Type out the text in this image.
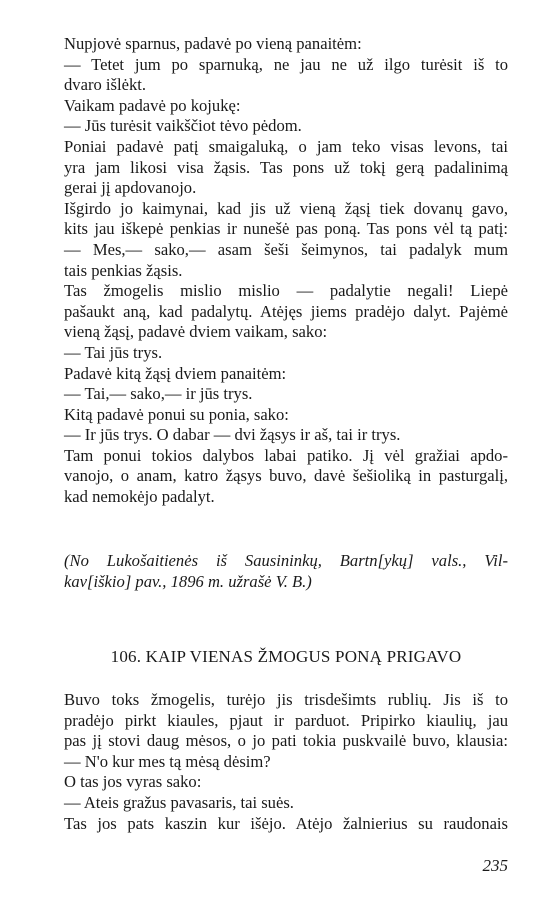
Nupjovė sparnus, padavė po vieną panaitėm:
— Tetet jum po sparnuką, ne jau ne už ilgo turėsit iš to
dvaro išlėkt.
Vaikam padavė po kojukę:
— Jūs turėsit vaikščiot tėvo pėdom.
Poniai padavė patį smaigaluką, o jam teko visas levons, tai
yra jam likosi visa žąsis. Tas pons už tokį gerą padalinimą
gerai jį apdovanojo.
Išgirdo jo kaimynai, kad jis už vieną žąsį tiek dovanų gavo,
kits jau iškepė penkias ir nunešė pas poną. Tas pons vėl tą patį:
— Mes,— sako,— asam šeši šeimynos, tai padalyk mum
tais penkias žąsis.
Tas žmogelis mislio mislio — padalytie negali! Liepė
pašaukt aną, kad padalytų. Atėjęs jiems pradėjo dalyt. Pajėmė
vieną žąsį, padavė dviem vaikam, sako:
— Tai jūs trys.
Padavė kitą žąsį dviem panaitėm:
— Tai,— sako,— ir jūs trys.
Kitą padavė ponui su ponia, sako:
— Ir jūs trys. O dabar — dvi žąsys ir aš, tai ir trys.
Tam ponui tokios dalybos labai patiko. Jį vėl gražiai apdo-
vanojo, o anam, katro žąsys buvo, davė šešioliką in pasturgalį,
kad nemokėjo padalyt.
(No Lukošaitienės iš Sausininkų, Bartn[ykų] vals., Vil-
kav[iškio] pav., 1896 m. užrašė V. B.)
106. KAIP VIENAS ŽMOGUS PONĄ PRIGAVO
Buvo toks žmogelis, turėjo jis trisdešimts rublių. Jis iš to
pradėjo pirkt kiaules, pjaut ir parduot. Pripirko kiaulių, jau
pas jį stovi daug mėsos, o jo pati tokia puskvailė buvo, klausia:
— N'o kur mes tą mėsą dėsim?
O tas jos vyras sako:
— Ateis gražus pavasaris, tai suės.
Tas jos pats kaszin kur išėjo. Atėjo žalnierius su raudonais
235
